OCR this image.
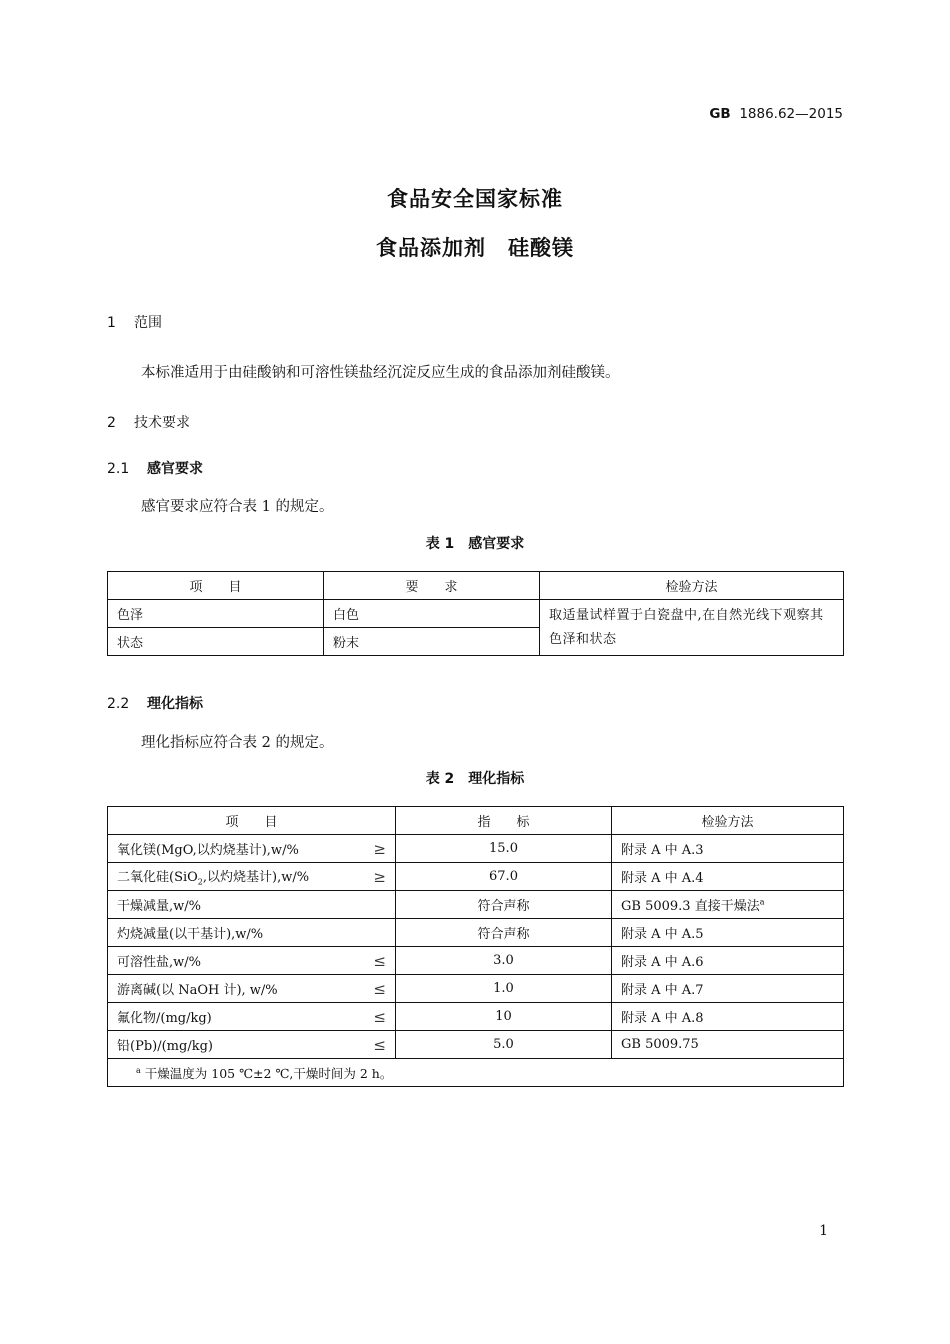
GB 1886.62—2015
食品安全国家标准
食品添加剂　硅酸镁
1 范围
本标准适用于由硅酸钠和可溶性镁盐经沉淀反应生成的食品添加剂硅酸镁。
2 技术要求
2.1 感官要求
感官要求应符合表 1 的规定。
表 1　感官要求
项　　目	要　　求	检验方法
色泽	白色	取适量试样置于白瓷盘中,在自然光线下观察其色泽和状态
状态	粉末	
2.2 理化指标
理化指标应符合表 2 的规定。
表 2　理化指标
项　　目	指　　标	检验方法

氧化镁(MgO,以灼烧基计),w/% ≥	15.0	附录 A 中 A.3

二氧化硅(SiO$_2$,以灼烧基计),w/% ≥	67.0	附录 A 中 A.4

干燥减量,w/%	符合声称	GB 5009.3 直接干燥法$^a$

灼烧减量(以干基计),w/%	符合声称	附录 A 中 A.5

可溶性盐,w/% ≤	3.0	附录 A 中 A.6

游离碱(以 NaOH 计), w/% ≤	1.0	附录 A 中 A.7

氟化物/(mg/kg) ≤	10	附录 A 中 A.8

铅(Pb)/(mg/kg) ≤	5.0	GB 5009.75
$^a$ 干燥温度为 105 ℃±2 ℃,干燥时间为 2 h。		
1
